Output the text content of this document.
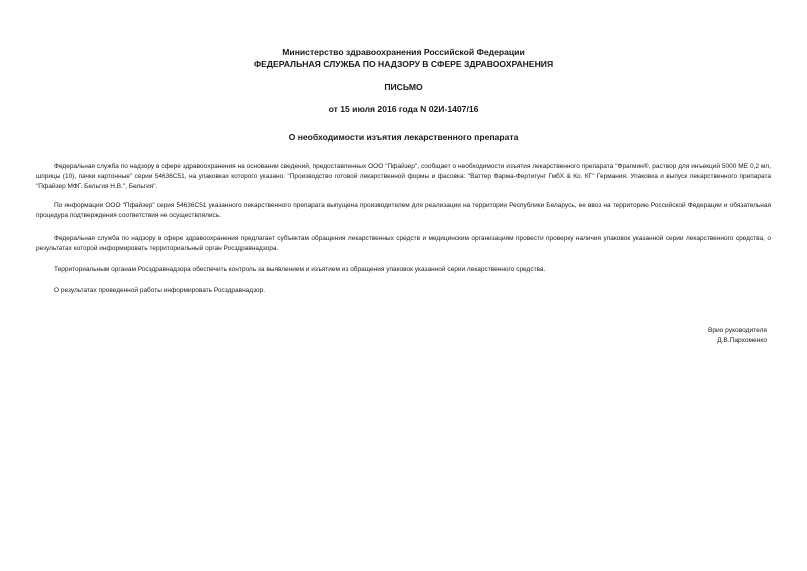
Министерство здравоохранения Российской Федерации
ФЕДЕРАЛЬНАЯ СЛУЖБА ПО НАДЗОРУ В СФЕРЕ ЗДРАВООХРАНЕНИЯ
ПИСЬМО
от 15 июля 2016 года N 02И-1407/16
О необходимости изъятия лекарственного препарата

Федеральная служба по надзору в сфере здравоохранения на основании сведений, предоставленных ООО "Пфайзер", сообщает о необходимости изъятия лекарственного препарата "Фрагмин®, раствор для инъекций 5000 МЕ 0,2 мл, шприцы (10), пачки картонные" серии 54636С51, на упаковках которого указано: "Производство готовой лекарственной формы и фасовка: "Ваттер Фарма-Фертигунг ГмбХ & Ко. КГ" Германия. Упаковка и выпуск лекарственного препарата "Пфайзер МФГ. Бельгия Н.В.", Бельгия".

По информации ООО "Пфайзер" серия 54636С51 указанного лекарственного препарата выпущена производителем для реализации на территории Республики Беларусь, ее ввоз на территорию Российской Федерации и обязательная процедура подтверждения соответствия не осуществлялись.

Федеральная служба по надзору в сфере здравоохранения предлагает субъектам обращения лекарственных средств и медицинским организациям провести проверку наличия упаковок указанной серии лекарственного средства, о результатах которой информировать территориальный орган Росздравнадзора.

Территориальным органам Росздравнадзора обеспечить контроль за выявлением и изъятием из обращения упаковок указанной серии лекарственного средства.

О результатах проведенной работы информировать Росздравнадзор.

Врио руководителя
Д.В.Пархоменко
